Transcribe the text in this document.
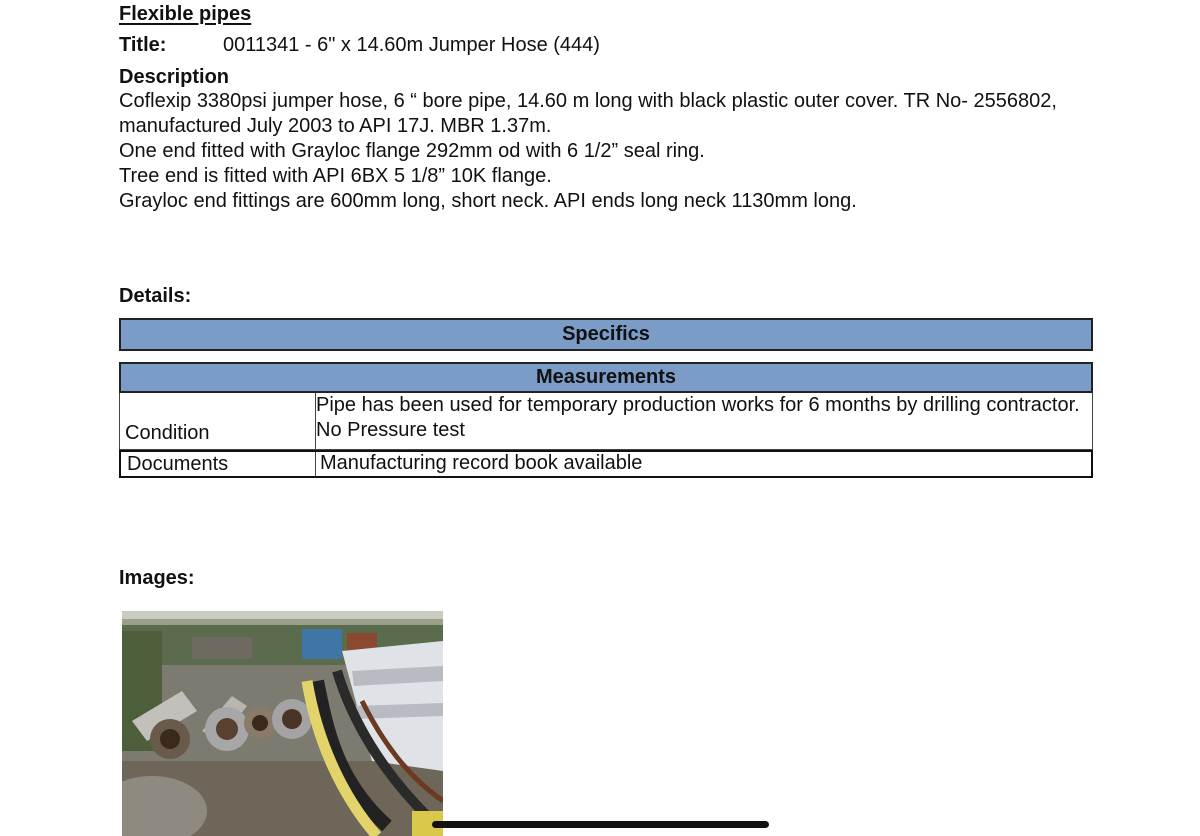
Flexible pipes
Title:	0011341 - 6" x 14.60m Jumper Hose (444)
Description
Coflexip 3380psi jumper hose, 6 “ bore pipe, 14.60 m long with black plastic outer cover. TR No- 2556802,
manufactured July 2003 to API 17J. MBR 1.37m.
One end fitted with Grayloc flange 292mm od with 6 1/2” seal ring.
Tree end is fitted with API 6BX 5 1/8” 10K flange.
Grayloc end fittings are 600mm long, short neck. API ends long neck 1130mm long.
Details:
Specifics
Measurements
Condition
Pipe has been used for temporary production works for 6 months by drilling contractor.
No Pressure test
Documents	Manufacturing record book available
Images:
